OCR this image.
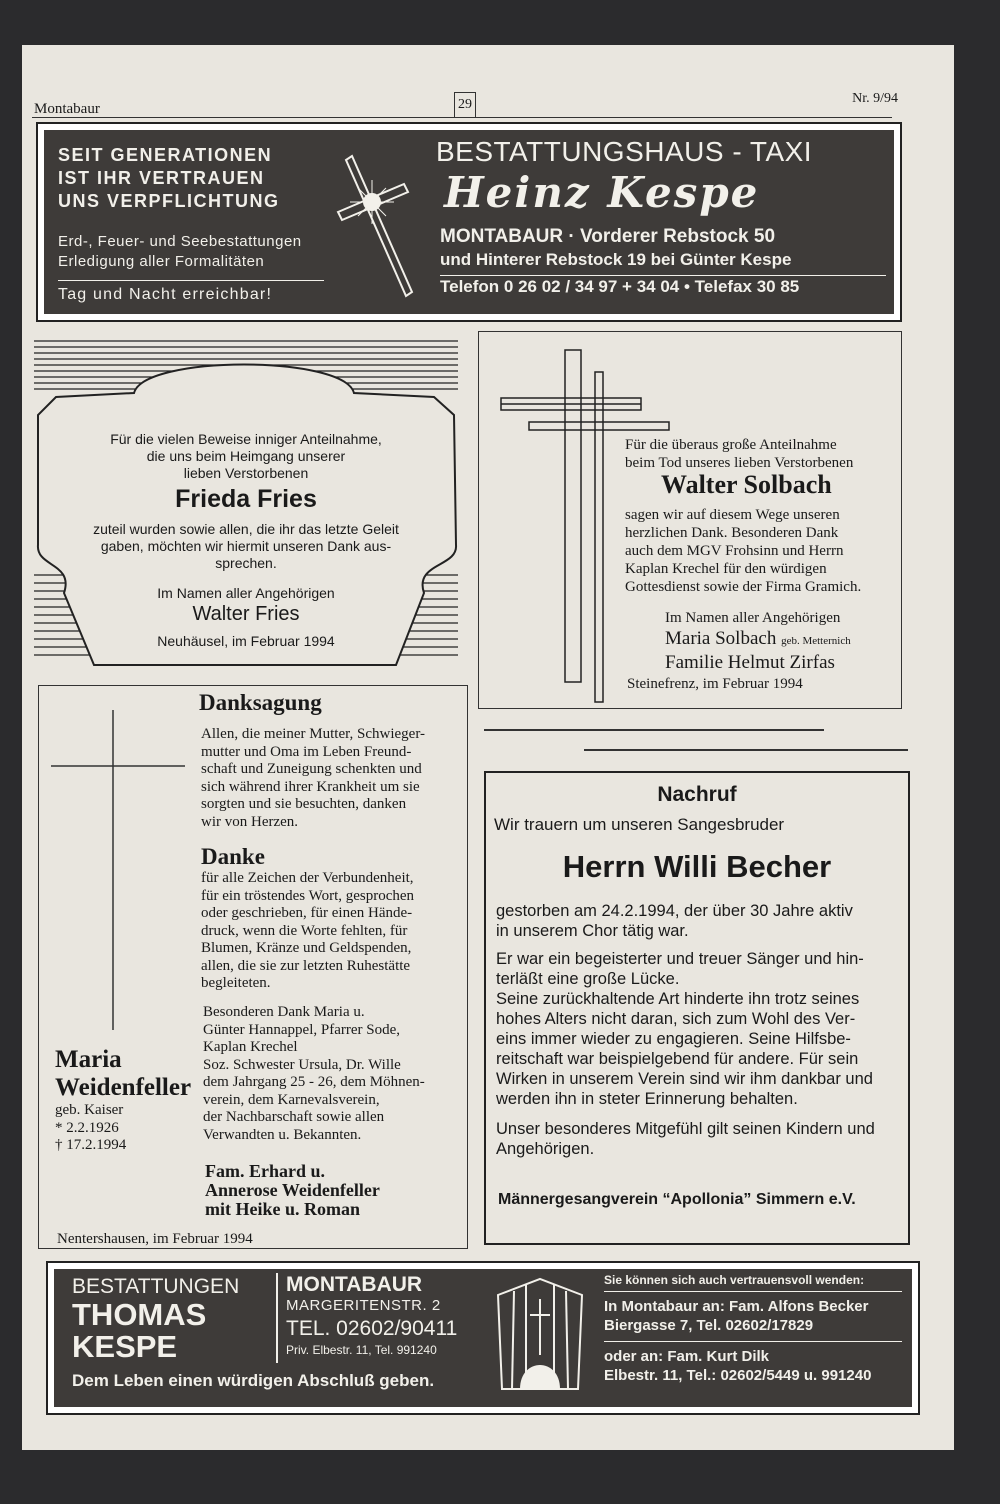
Montabaur	29	Nr. 9/94
SEIT GENERATIONEN
IST IHR VERTRAUEN
UNS VERPFLICHTUNG
Erd-, Feuer- und Seebestattungen
Erledigung aller Formalitäten
Tag und Nacht erreichbar!
BESTATTUNGSHAUS - TAXI
Heinz Kespe
MONTABAUR · Vorderer Rebstock 50
und Hinterer Rebstock 19 bei Günter Kespe
Telefon 0 26 02 / 34 97 + 34 04 • Telefax 30 85
Für die vielen Beweise inniger Anteilnahme,
die uns beim Heimgang unserer
lieben Verstorbenen
Frieda Fries
zuteil wurden sowie allen, die ihr das letzte Geleit
gaben, möchten wir hiermit unseren Dank aus-
sprechen.
Im Namen aller Angehörigen
Walter Fries
Neuhäusel, im Februar 1994
Für die überaus große Anteilnahme
beim Tod unseres lieben Verstorbenen
Walter Solbach
sagen wir auf diesem Wege unseren
herzlichen Dank. Besonderen Dank
auch dem MGV Frohsinn und Herrn
Kaplan Krechel für den würdigen
Gottesdienst sowie der Firma Gramich.
Im Namen aller Angehörigen
Maria Solbach geb. Metternich
Familie Helmut Zirfas
Steinefrenz, im Februar 1994
Danksagung
Allen, die meiner Mutter, Schwieger-
mutter und Oma im Leben Freund-
schaft und Zuneigung schenkten und
sich während ihrer Krankheit um sie
sorgten und sie besuchten, danken
wir von Herzen.
Danke
für alle Zeichen der Verbundenheit,
für ein tröstendes Wort, gesprochen
oder geschrieben, für einen Hände-
druck, wenn die Worte fehlten, für
Blumen, Kränze und Geldspenden,
allen, die sie zur letzten Ruhestätte
begleiteten.
Besonderen Dank Maria u.
Günter Hannappel, Pfarrer Sode,
Kaplan Krechel
Soz. Schwester Ursula, Dr. Wille
dem Jahrgang 25 - 26, dem Möhnen-
verein, dem Karnevalsverein,
der Nachbarschaft sowie allen
Verwandten u. Bekannten.
Maria
Weidenfeller
geb. Kaiser
* 2.2.1926
† 17.2.1994
Fam. Erhard u.
Annerose Weidenfeller
mit Heike u. Roman
Nentershausen, im Februar 1994
Nachruf
Wir trauern um unseren Sangesbruder
Herrn Willi Becher
gestorben am 24.2.1994, der über 30 Jahre aktiv
in unserem Chor tätig war.
Er war ein begeisterter und treuer Sänger und hin-
terläßt eine große Lücke.
Seine zurückhaltende Art hinderte ihn trotz seines
hohes Alters nicht daran, sich zum Wohl des Ver-
eins immer wieder zu engagieren. Seine Hilfsbe-
reitschaft war beispielgebend für andere. Für sein
Wirken in unserem Verein sind wir ihm dankbar und
werden ihn in steter Erinnerung behalten.
Unser besonderes Mitgefühl gilt seinen Kindern und
Angehörigen.
Männergesangverein “Apollonia” Simmern e.V.
BESTATTUNGEN
THOMAS
KESPE
MONTABAUR
MARGERITENSTR. 2
TEL. 02602/90411
Priv. Elbestr. 11, Tel. 991240
Dem Leben einen würdigen Abschluß geben.
Sie können sich auch vertrauensvoll wenden:
In Montabaur an: Fam. Alfons Becker
Biergasse 7, Tel. 02602/17829
oder an: Fam. Kurt Dilk
Elbestr. 11, Tel.: 02602/5449 u. 991240
